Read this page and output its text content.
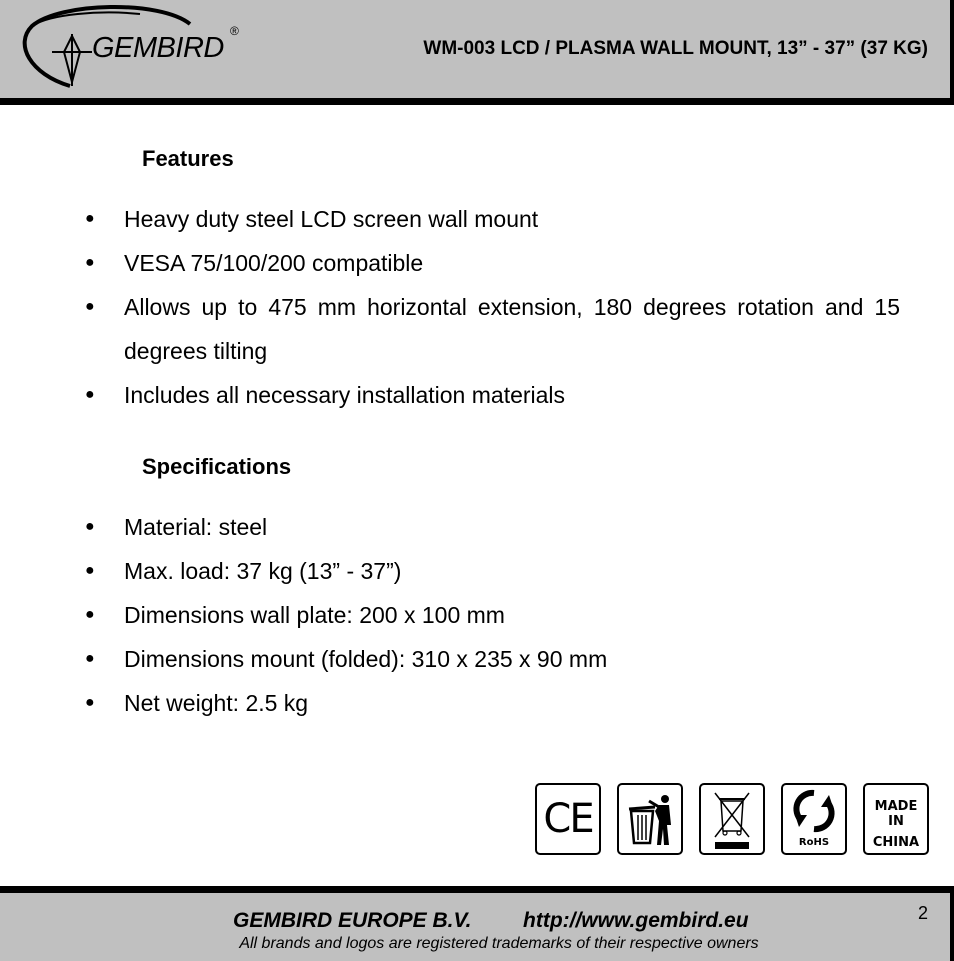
GEMBIRD
®
WM-003 LCD / PLASMA WALL MOUNT, 13” - 37” (37 KG)
Features
● Heavy duty steel LCD screen wall mount
● VESA 75/100/200 compatible
● Allows up to 475 mm horizontal extension, 180 degrees rotation and 15 degrees tilting
● Includes all necessary installation materials
Specifications
● Material: steel
● Max. load: 37 kg (13” - 37”)
● Dimensions wall plate: 200 x 100 mm
● Dimensions mount (folded): 310 x 235 x 90 mm
● Net weight: 2.5 kg
CE
RoHS
MADE IN
CHINA
GEMBIRD EUROPE B.V. http://www.gembird.eu
All brands and logos are registered trademarks of their respective owners
2
